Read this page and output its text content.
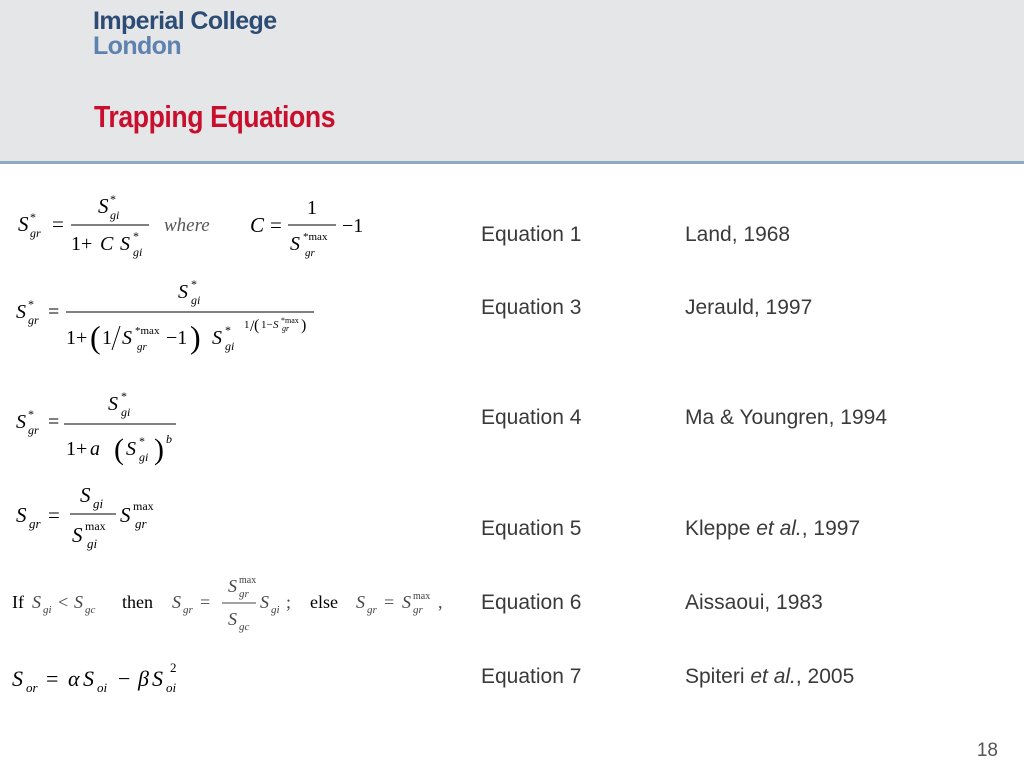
Imperial College
London
Trapping Equations
S *
gr =
S *
gi
1+ C S *
gi
where C =
1
S *max
gr
−1
S *
gr =
S *
gi
1+ ( 1 S *max
gr −1 ) S *
gi
1 / ( 1− S *max
gr )
S *
gr =
S *
gi
1+ a ( S *
gi ) b
S gr =
S gi
S max
gi
S max
gr
If S gi < S gc then S gr =
S max
gr
S gc
S gi ; else S gr = S max
gr ,
S or = α S oi − β S 2
oi
Equation 1	Land, 1968
Equation 3	Jerauld, 1997
Equation 4	Ma & Youngren, 1994
Equation 5	Kleppe et al., 1997
Equation 6	Aissaoui, 1983
Equation 7	Spiteri et al., 2005
18
